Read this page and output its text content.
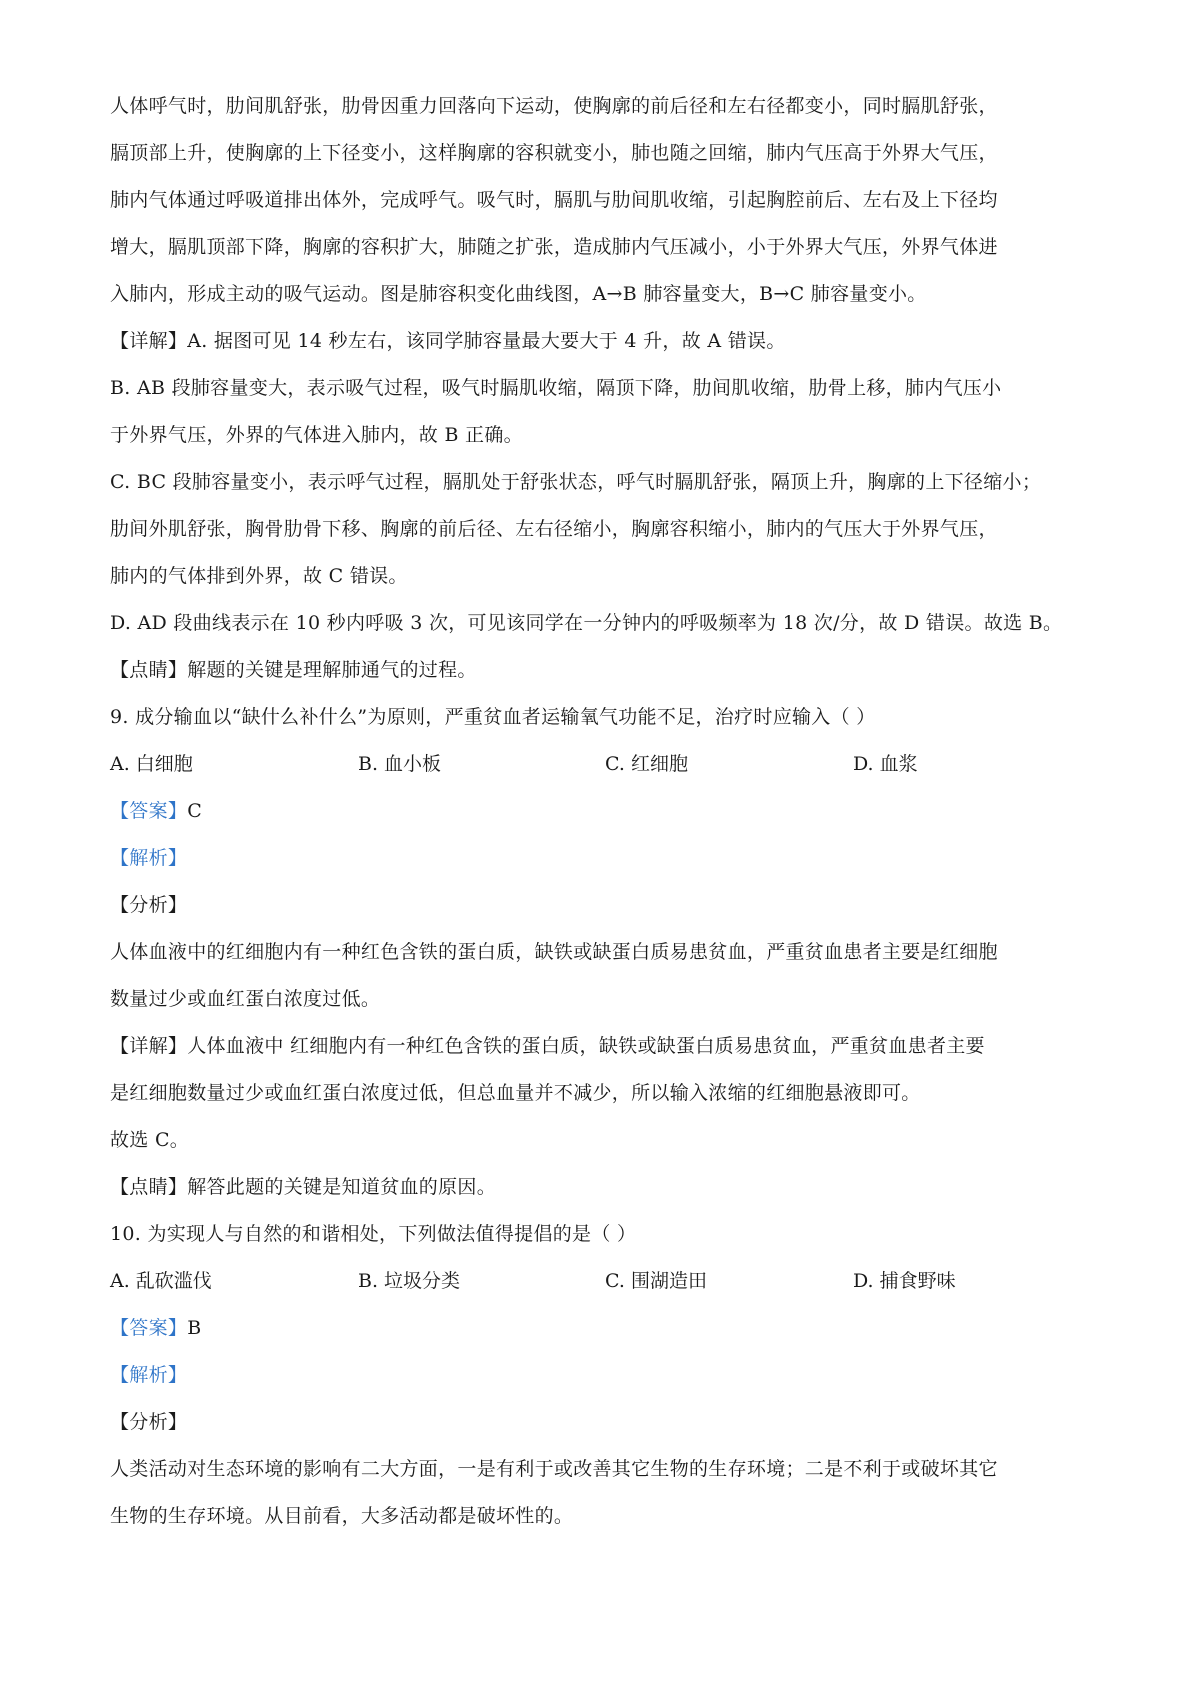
人体呼气时，肋间肌舒张，肋骨因重力回落向下运动，使胸廓的前后径和左右径都变小，同时膈肌舒张，
膈顶部上升，使胸廓的上下径变小，这样胸廓的容积就变小，肺也随之回缩，肺内气压高于外界大气压，
肺内气体通过呼吸道排出体外，完成呼气。吸气时，膈肌与肋间肌收缩，引起胸腔前后、左右及上下径均
增大，膈肌顶部下降，胸廓的容积扩大，肺随之扩张，造成肺内气压减小，小于外界大气压，外界气体进
入肺内，形成主动的吸气运动。图是肺容积变化曲线图，A→B 肺容量变大，B→C 肺容量变小。
【详解】A. 据图可见 14 秒左右，该同学肺容量最大要大于 4 升，故 A 错误。
B. AB 段肺容量变大，表示吸气过程，吸气时膈肌收缩，隔顶下降，肋间肌收缩，肋骨上移，肺内气压小
于外界气压，外界的气体进入肺内，故 B 正确。
C. BC 段肺容量变小，表示呼气过程，膈肌处于舒张状态，呼气时膈肌舒张，隔顶上升，胸廓的上下径缩小；
肋间外肌舒张，胸骨肋骨下移、胸廓的前后径、左右径缩小，胸廓容积缩小，肺内的气压大于外界气压，
肺内的气体排到外界，故 C 错误。
D. AD 段曲线表示在 10 秒内呼吸 3 次，可见该同学在一分钟内的呼吸频率为 18 次/分，故 D 错误。故选 B。
【点睛】解题的关键是理解肺通气的过程。
9. 成分输血以“缺什么补什么”为原则，严重贫血者运输氧气功能不足，治疗时应输入（ ）
A. 白细胞	B. 血小板	C. 红细胞	D. 血浆
【答案】C
【解析】
【分析】
人体血液中的红细胞内有一种红色含铁的蛋白质，缺铁或缺蛋白质易患贫血，严重贫血患者主要是红细胞
数量过少或血红蛋白浓度过低。
【详解】人体血液中 红细胞内有一种红色含铁的蛋白质，缺铁或缺蛋白质易患贫血，严重贫血患者主要
是红细胞数量过少或血红蛋白浓度过低，但总血量并不减少，所以输入浓缩的红细胞悬液即可。
故选 C。
【点睛】解答此题的关键是知道贫血的原因。
10. 为实现人与自然的和谐相处，下列做法值得提倡的是（ ）
A. 乱砍滥伐	B. 垃圾分类	C. 围湖造田	D. 捕食野味
【答案】B
【解析】
【分析】
人类活动对生态环境的影响有二大方面，一是有利于或改善其它生物的生存环境；二是不利于或破坏其它
生物的生存环境。从目前看，大多活动都是破坏性的。
